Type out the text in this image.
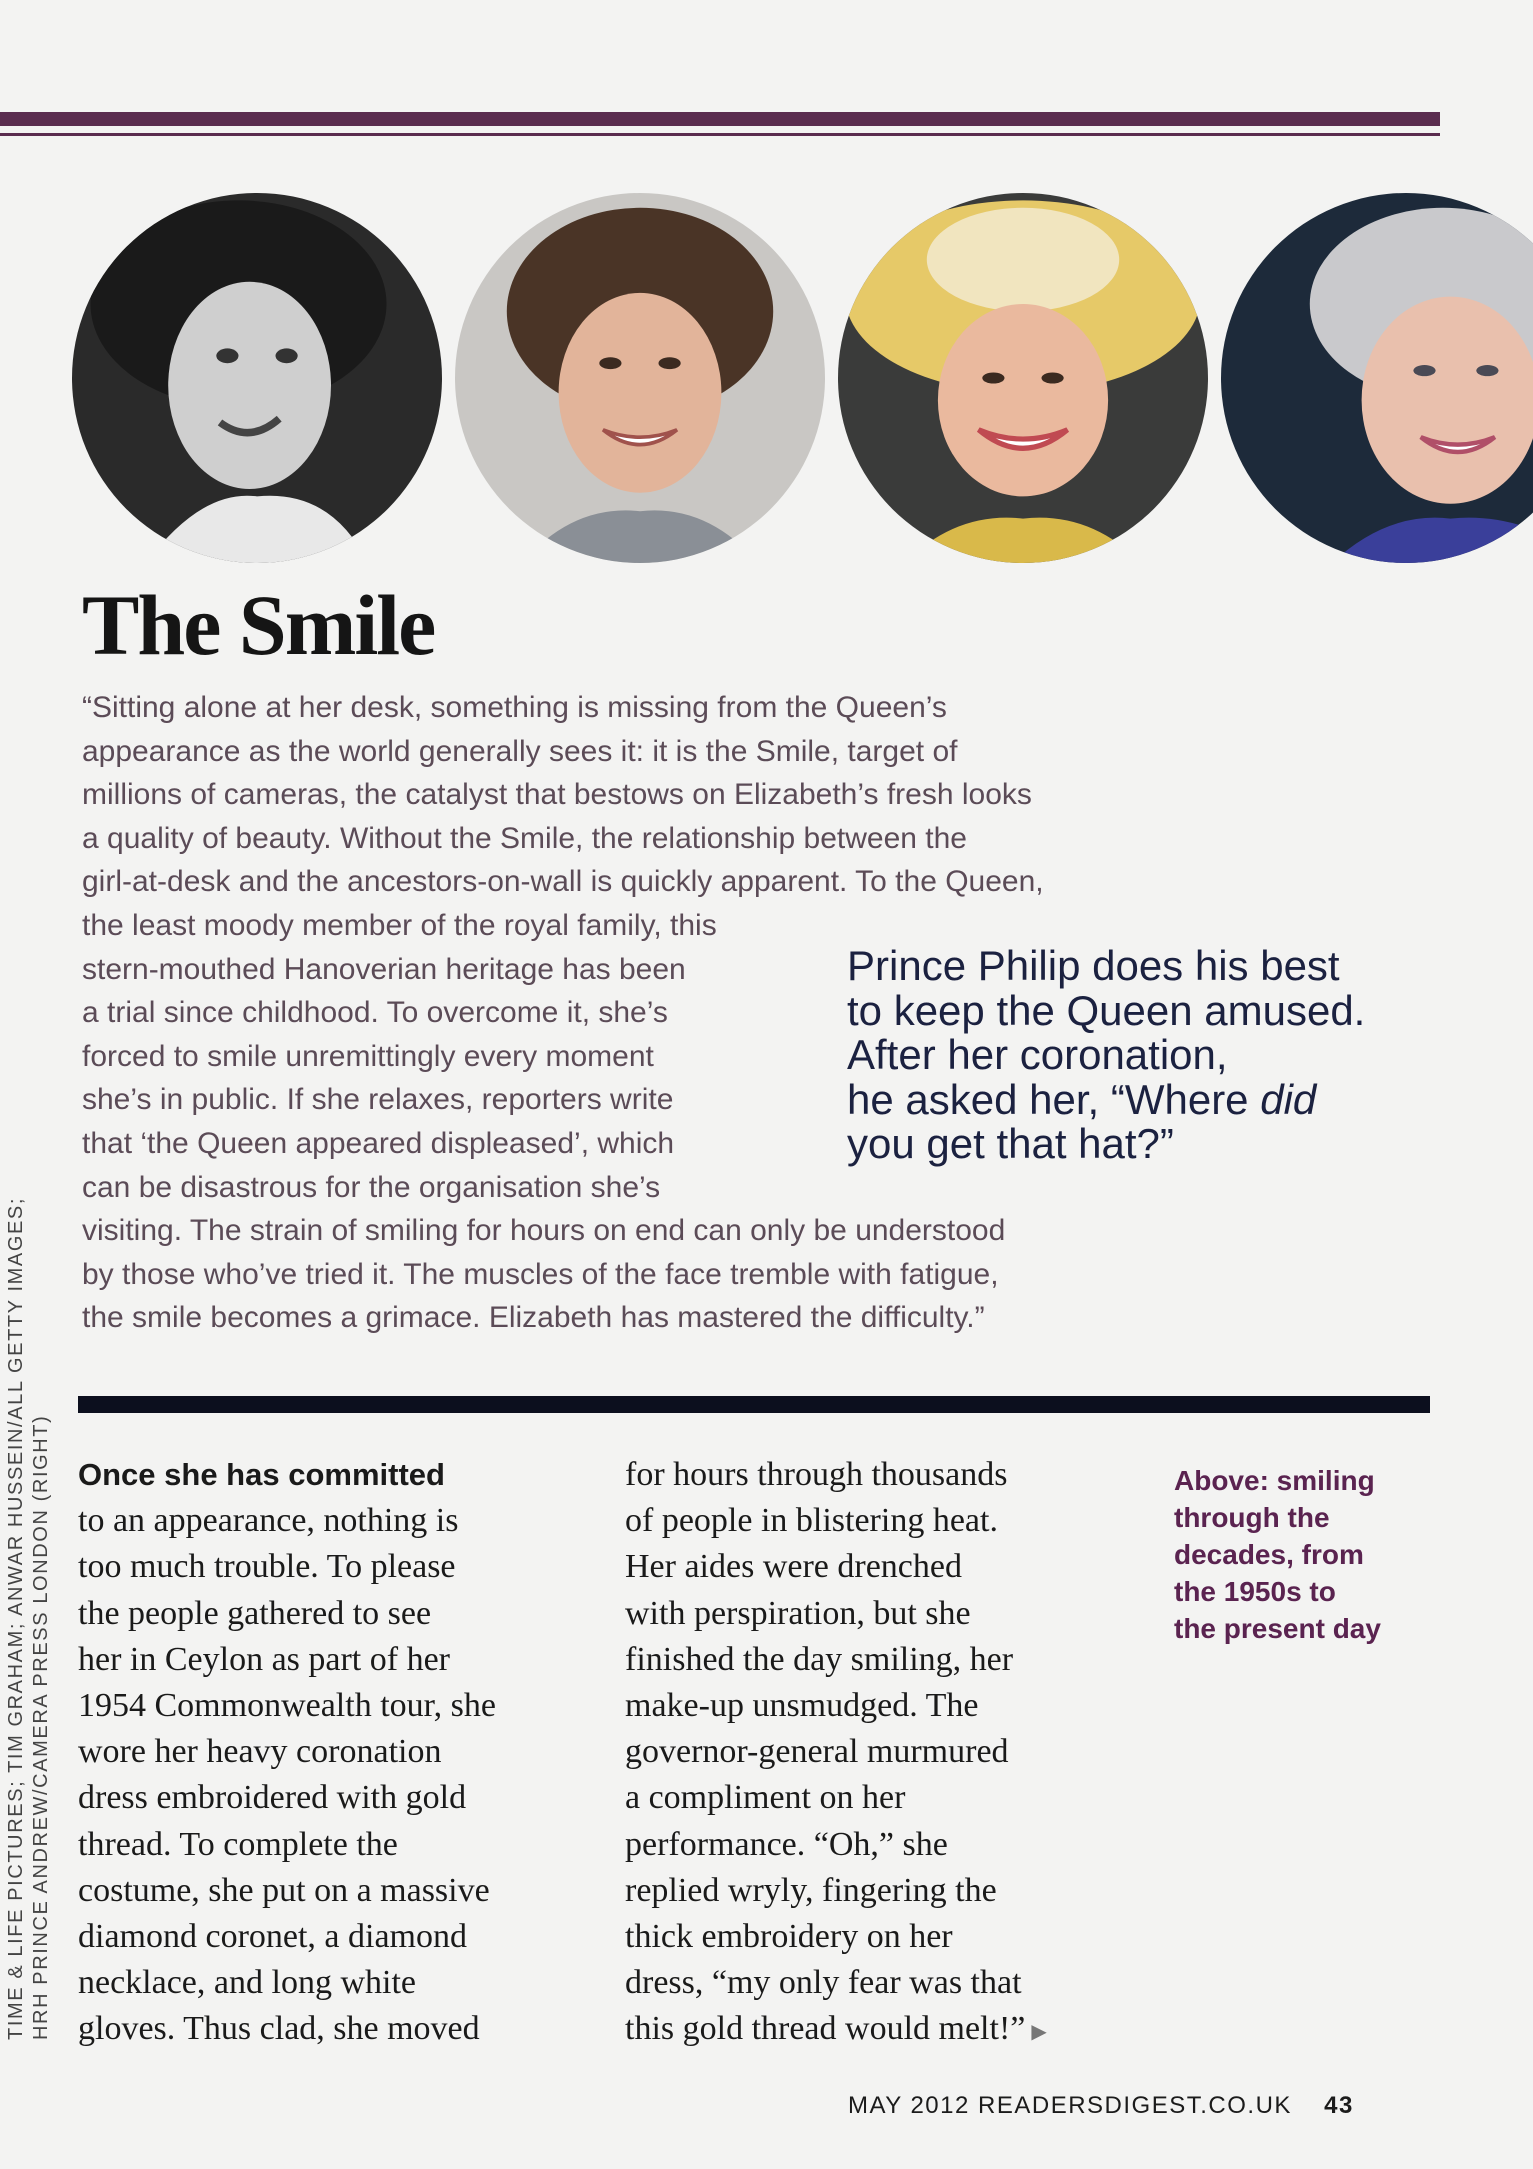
The Smile
“Sitting alone at her desk, something is missing from the Queen’s
appearance as the world generally sees it: it is the Smile, target of
millions of cameras, the catalyst that bestows on Elizabeth’s fresh looks
a quality of beauty. Without the Smile, the relationship between the
girl-at-desk and the ancestors-on-wall is quickly apparent. To the Queen,
the least moody member of the royal family, this
stern-mouthed Hanoverian heritage has been
a trial since childhood. To overcome it, she’s
forced to smile unremittingly every moment
she’s in public. If she relaxes, reporters write
that ‘the Queen appeared displeased’, which
can be disastrous for the organisation she’s
visiting. The strain of smiling for hours on end can only be understood
by those who’ve tried it. The muscles of the face tremble with fatigue,
the smile becomes a grimace. Elizabeth has mastered the difficulty.”
Prince Philip does his best
to keep the Queen amused.
After her coronation,
he asked her, “Where did
you get that hat?”
Once she has committed
to an appearance, nothing is
too much trouble. To please
the people gathered to see
her in Ceylon as part of her
1954 Commonwealth tour, she
wore her heavy coronation
dress embroidered with gold
thread. To complete the
costume, she put on a massive
diamond coronet, a diamond
necklace, and long white
gloves. Thus clad, she moved
for hours through thousands
of people in blistering heat.
Her aides were drenched
with perspiration, but she
finished the day smiling, her
make-up unsmudged. The
governor-general murmured
a compliment on her
performance. “Oh,” she
replied wryly, fingering the
thick embroidery on her
dress, “my only fear was that
this gold thread would melt!” ▶
Above: smiling
through the
decades, from
the 1950s to
the present day
TIME & LIFE PICTURES; TIM GRAHAM; ANWAR HUSSEIN/ALL GETTY IMAGES; HRH PRINCE ANDREW/CAMERA PRESS LONDON (RIGHT)
MAY 2012 READERSDIGEST.CO.UK 43
